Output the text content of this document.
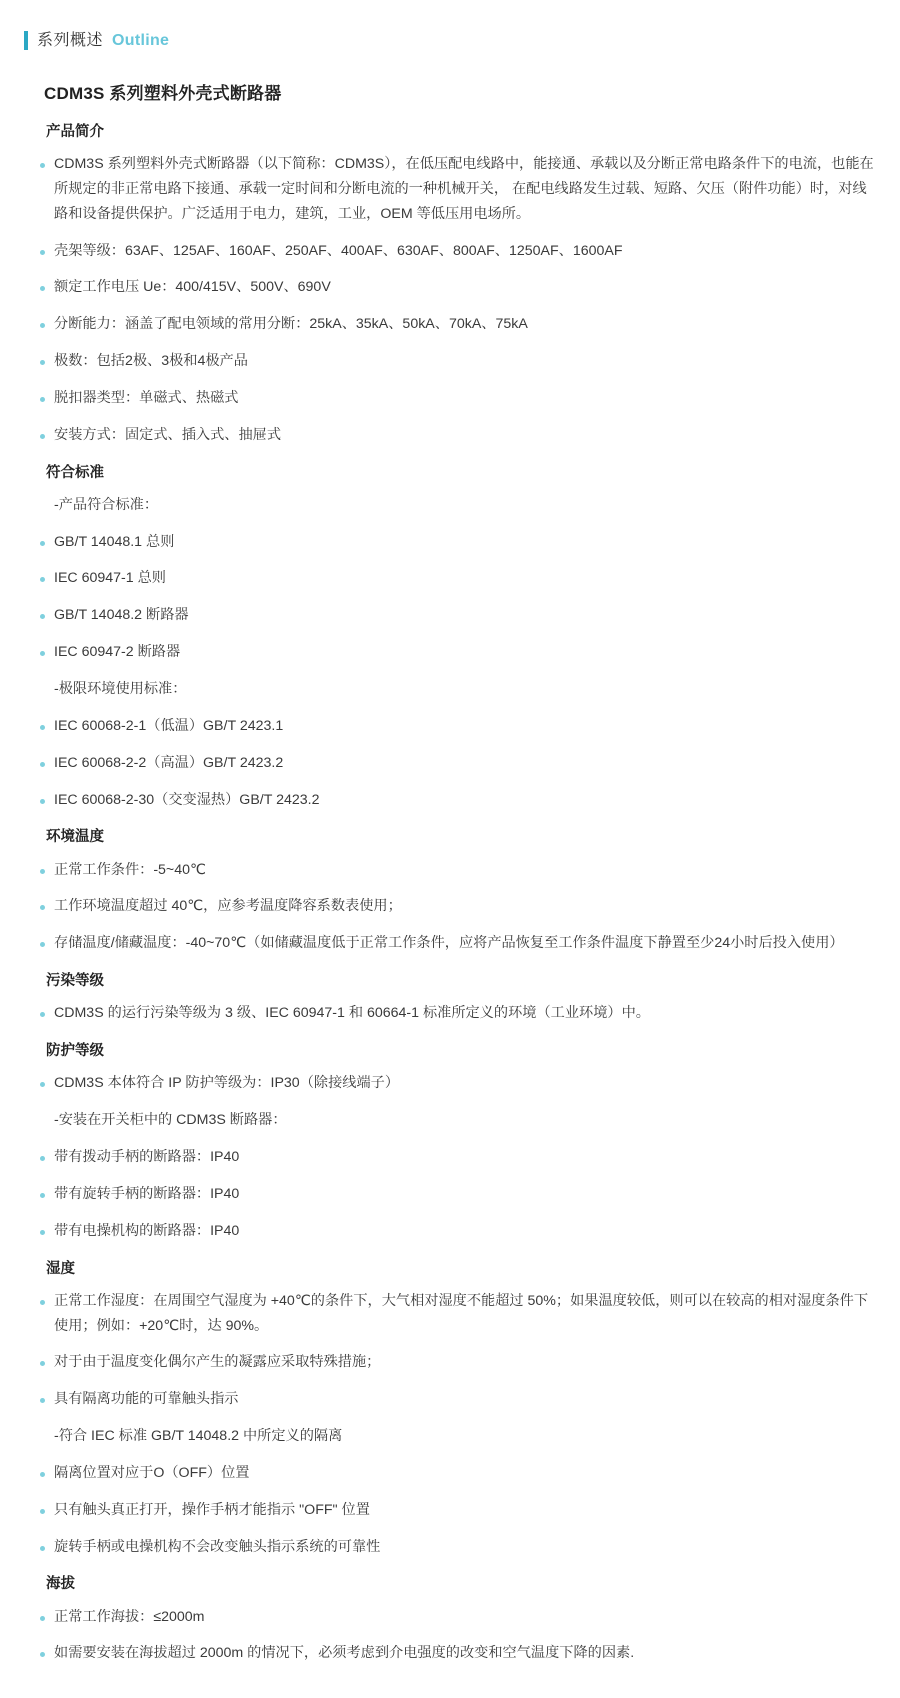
系列概述 Outline
CDM3S 系列塑料外壳式断路器
产品简介
CDM3S 系列塑料外壳式断路器（以下简称：CDM3S），在低压配电线路中，能接通、承载以及分断正常电路条件下的电流，也能在所规定的非正常电路下接通、承载一定时间和分断电流的一种机械开关， 在配电线路发生过载、短路、欠压（附件功能）时，对线路和设备提供保护。广泛适用于电力，建筑，工业，OEM 等低压用电场所。
壳架等级：63AF、125AF、160AF、250AF、400AF、630AF、800AF、1250AF、1600AF
额定工作电压 Ue：400/415V、500V、690V
分断能力：涵盖了配电领域的常用分断：25kA、35kA、50kA、70kA、75kA
极数：包括2极、3极和4极产品
脱扣器类型：单磁式、热磁式
安装方式：固定式、插入式、抽屉式
符合标准
-产品符合标准：
GB/T 14048.1 总则
IEC 60947-1 总则
GB/T 14048.2 断路器
IEC 60947-2 断路器
-极限环境使用标准：
IEC 60068-2-1（低温）GB/T 2423.1
IEC 60068-2-2（高温）GB/T 2423.2
IEC 60068-2-30（交变湿热）GB/T 2423.2
环境温度
正常工作条件：-5~40℃
工作环境温度超过 40℃，应参考温度降容系数表使用；
存储温度/储藏温度：-40~70℃（如储藏温度低于正常工作条件，应将产品恢复至工作条件温度下静置至少24小时后投入使用）
污染等级
CDM3S 的运行污染等级为 3 级、IEC 60947-1 和 60664-1 标准所定义的环境（工业环境）中。
防护等级
CDM3S 本体符合 IP 防护等级为：IP30（除接线端子）
-安装在开关柜中的 CDM3S 断路器：
带有拨动手柄的断路器：IP40
带有旋转手柄的断路器：IP40
带有电操机构的断路器：IP40
湿度
正常工作湿度：在周围空气湿度为 +40℃的条件下，大气相对湿度不能超过 50%；如果温度较低，则可以在较高的相对湿度条件下使用；例如：+20℃时，达 90%。
对于由于温度变化偶尔产生的凝露应采取特殊措施；
具有隔离功能的可靠触头指示
-符合 IEC 标准 GB/T 14048.2 中所定义的隔离
隔离位置对应于O（OFF）位置
只有触头真正打开，操作手柄才能指示 "OFF" 位置
旋转手柄或电操机构不会改变触头指示系统的可靠性
海拔
正常工作海拔：≤2000m
如需要安装在海拔超过 2000m 的情况下，必须考虑到介电强度的改变和空气温度下降的因素.
